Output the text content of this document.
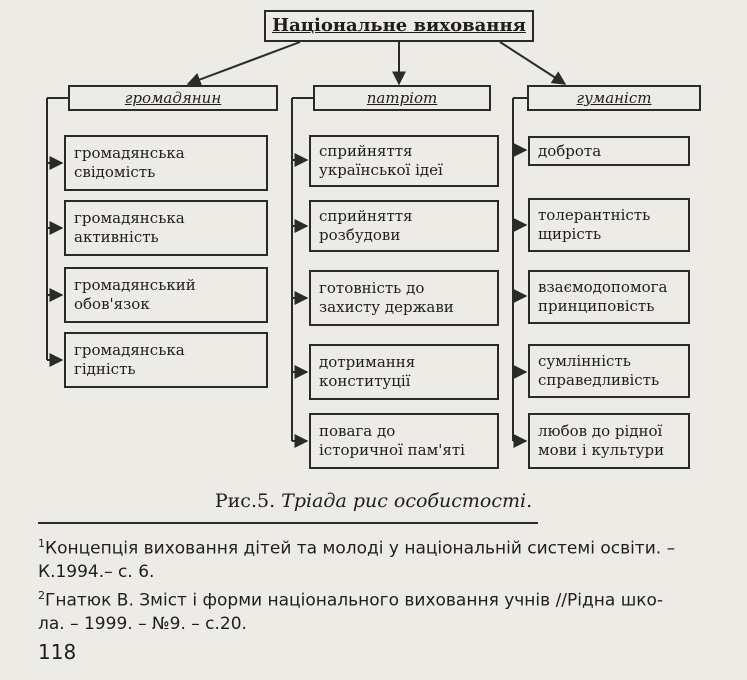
Національне виховання
громадянин	патріот	гуманіст
громадянська
свідомість
громадянська
активність
громадянський
обов'язок
громадянська
гідність
сприйняття
української ідеї
сприйняття
розбудови
готовність до
захисту держави
дотримання
конституції
повага до
історичної пам'яті
доброта
толерантність
щирість
взаємодопомога
принциповість
сумлінність
справедливість
любов до рідної
мови і культури
Рис.5. Тріада рис особистості.
$^1$Концепція виховання дітей та молоді у національній системі освіти. –
К.1994.– с. 6.
$^2$Гнатюк В. Зміст і форми національного виховання учнів //Рідна шко-
ла. – 1999. – №9. – с.20.
118
